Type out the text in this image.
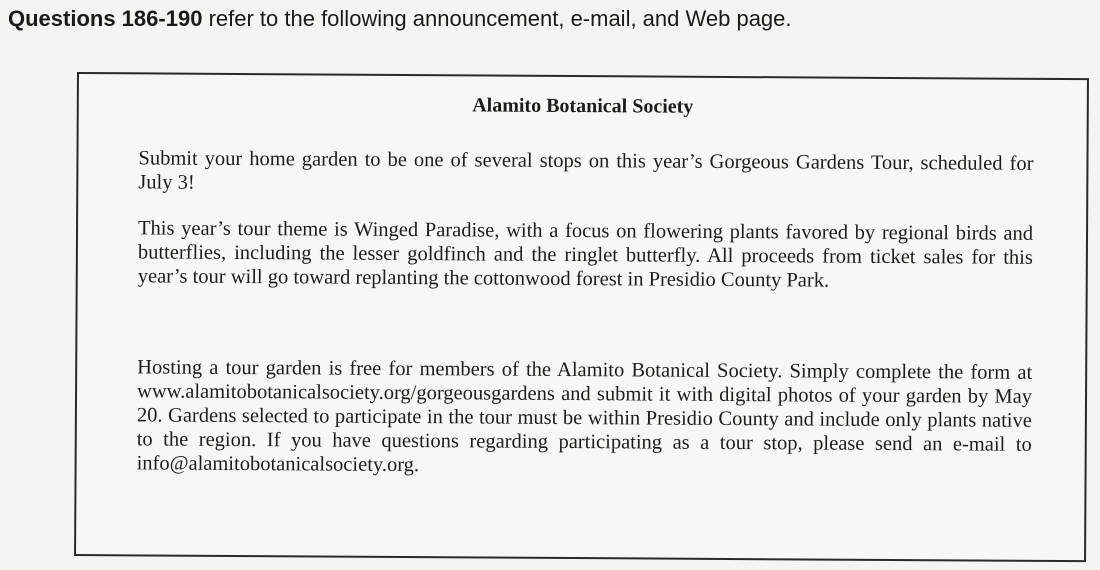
Questions 186-190 refer to the following announcement, e-mail, and Web page.
Alamito Botanical Society
Submit your home garden to be one of several stops on this year’s Gorgeous Gardens Tour, scheduled for July 3!
This year’s tour theme is Winged Paradise, with a focus on flowering plants favored by regional birds and butterflies, including the lesser goldfinch and the ringlet butterfly. All proceeds from ticket sales for this year’s tour will go toward replanting the cottonwood forest in Presidio County Park.
Hosting a tour garden is free for members of the Alamito Botanical Society. Simply complete the form at www.alamitobotanicalsociety.org/gorgeousgardens and submit it with digital photos of your garden by May 20. Gardens selected to participate in the tour must be within Presidio County and include only plants native to the region. If you have questions regarding participating as a tour stop, please send an e-mail to info@alamitobotanicalsociety.org.
